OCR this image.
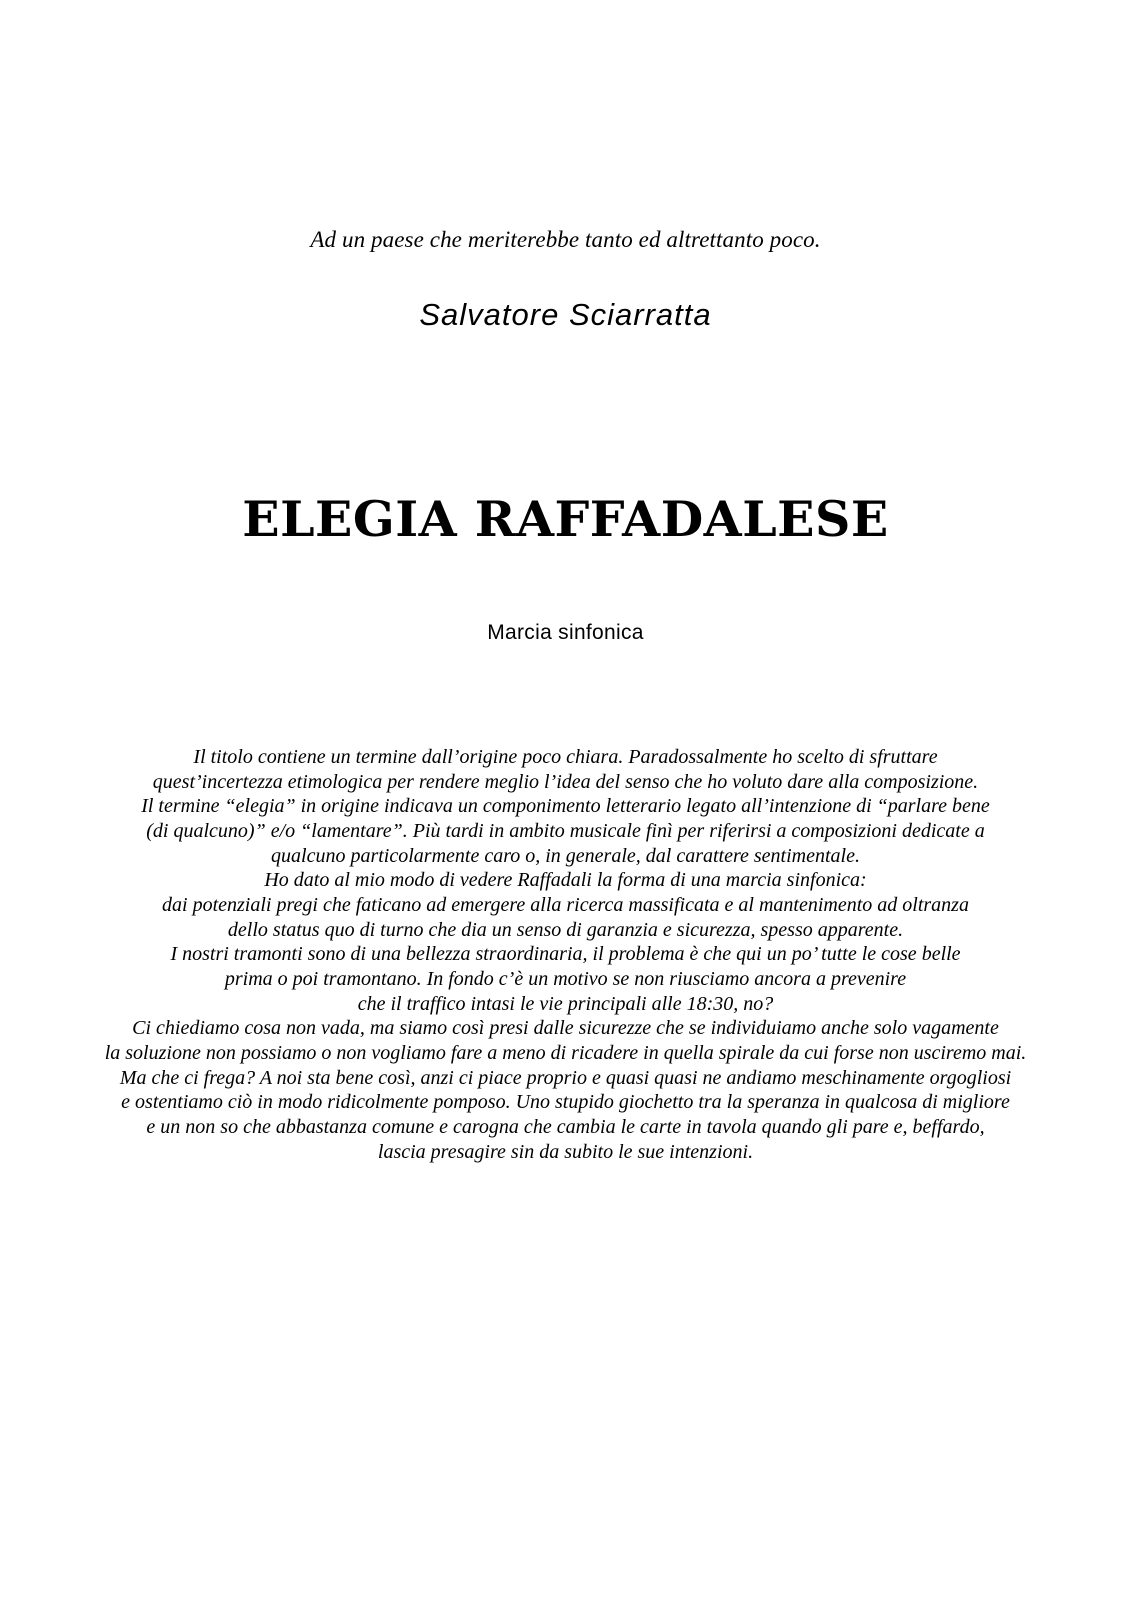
Ad un paese che meriterebbe tanto ed altrettanto poco.
Salvatore Sciarratta
ELEGIA RAFFADALESE
Marcia sinfonica
Il titolo contiene un termine dall’origine poco chiara. Paradossalmente ho scelto di sfruttare
quest’incertezza etimologica per rendere meglio l’idea del senso che ho voluto dare alla composizione.
Il termine “elegia” in origine indicava un componimento letterario legato all’intenzione di “parlare bene
(di qualcuno)” e/o “lamentare”. Più tardi in ambito musicale finì per riferirsi a composizioni dedicate a
qualcuno particolarmente caro o, in generale, dal carattere sentimentale.
Ho dato al mio modo di vedere Raffadali la forma di una marcia sinfonica:
dai potenziali pregi che faticano ad emergere alla ricerca massificata e al mantenimento ad oltranza
dello status quo di turno che dia un senso di garanzia e sicurezza, spesso apparente.
I nostri tramonti sono di una bellezza straordinaria, il problema è che qui un po’ tutte le cose belle
prima o poi tramontano. In fondo c’è un motivo se non riusciamo ancora a prevenire
che il traffico intasi le vie principali alle 18:30, no?
Ci chiediamo cosa non vada, ma siamo così presi dalle sicurezze che se individuiamo anche solo vagamente
la soluzione non possiamo o non vogliamo fare a meno di ricadere in quella spirale da cui forse non usciremo mai.
Ma che ci frega? A noi sta bene così, anzi ci piace proprio e quasi quasi ne andiamo meschinamente orgogliosi
e ostentiamo ciò in modo ridicolmente pomposo. Uno stupido giochetto tra la speranza in qualcosa di migliore
e un non so che abbastanza comune e carogna che cambia le carte in tavola quando gli pare e, beffardo,
lascia presagire sin da subito le sue intenzioni.
